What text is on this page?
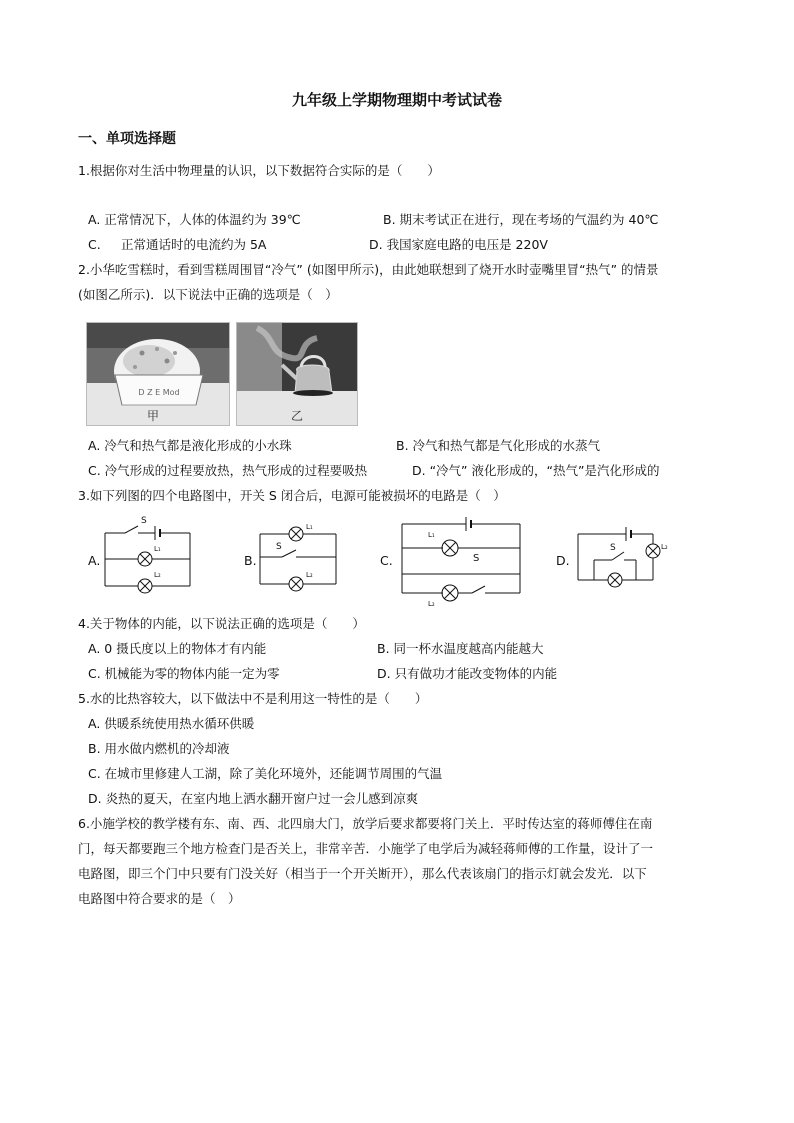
九年级上学期物理期中考试试卷
一、单项选择题
1.根据你对生活中物理量的认识，以下数据符合实际的是（　　）
A. 正常情况下，人体的体温约为 39℃	B. 期末考试正在进行，现在考场的气温约为 40℃
C. 正常通话时的电流约为 5A	D. 我国家庭电路的电压是 220V
2.小华吃雪糕时，看到雪糕周围冒“冷气” (如图甲所示)，由此她联想到了烧开水时壶嘴里冒“热气” 的情景
(如图乙所示)．以下说法中正确的选项是（　）
D Z E Mod
甲	乙
A. 冷气和热气都是液化形成的小水珠	B. 冷气和热气都是气化形成的水蒸气
C. 冷气形成的过程要放热，热气形成的过程要吸热	D. “冷气” 液化形成的，“热气”是汽化形成的
3.如下列图的四个电路图中，开关 S 闭合后，电源可能被损坏的电路是（　）
A.	B.	C.	D.
S
L₁
L₂
S
L₁
L₂
S
L₁
L₂
S	L₂
4.关于物体的内能，以下说法正确的选项是（　　）
A. 0 摄氏度以上的物体才有内能	B. 同一杯水温度越高内能越大
C. 机械能为零的物体内能一定为零	D. 只有做功才能改变物体的内能
5.水的比热容较大，以下做法中不是利用这一特性的是（　　）
A. 供暖系统使用热水循环供暖
B. 用水做内燃机的冷却液
C. 在城市里修建人工湖，除了美化环境外，还能调节周围的气温
D. 炎热的夏天，在室内地上洒水翻开窗户过一会儿感到凉爽
6.小施学校的教学楼有东、南、西、北四扇大门，放学后要求都要将门关上．平时传达室的蒋师傅住在南
门，每天都要跑三个地方检查门是否关上，非常辛苦．小施学了电学后为减轻蒋师傅的工作量，设计了一
电路图，即三个门中只要有门没关好（相当于一个开关断开），那么代表该扇门的指示灯就会发光．以下
电路图中符合要求的是（　）
